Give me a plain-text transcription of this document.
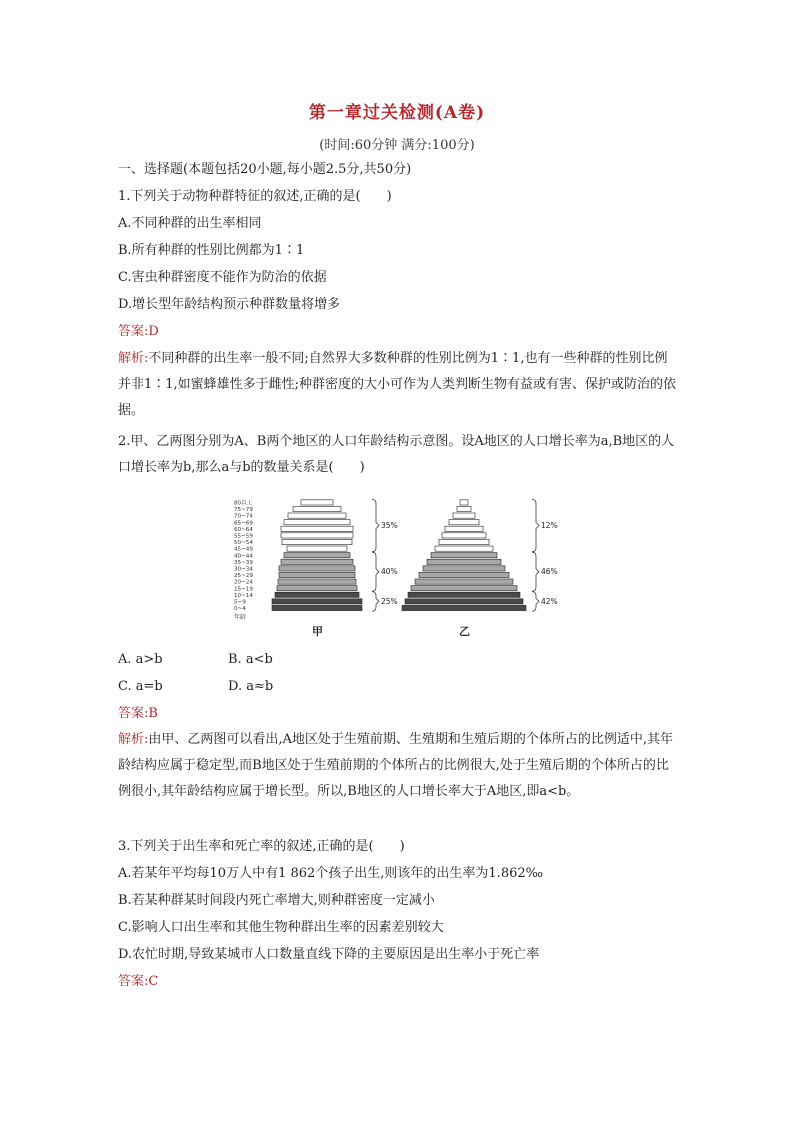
第一章过关检测(A卷)
(时间:60分钟 满分:100分)
一、选择题(本题包括20小题,每小题2.5分,共50分)
1.下列关于动物种群特征的叙述,正确的是(　　)
A.不同种群的出生率相同
B.所有种群的性别比例都为1∶1
C.害虫种群密度不能作为防治的依据
D.增长型年龄结构预示种群数量将增多
答案:D
解析:不同种群的出生率一般不同;自然界大多数种群的性别比例为1∶1,也有一些种群的性别比例并非1∶1,如蜜蜂雄性多于雌性;种群密度的大小可作为人类判断生物有益或有害、保护或防治的依据。
2.甲、乙两图分别为A、B两个地区的人口年龄结构示意图。设A地区的人口增长率为a,B地区的人口增长率为b,那么a与b的数量关系是(　　)
0~4
5~9
10~14
15~19
20~24
25~29
30~34
35~39
40~44
45~49
50~54
55~59
60~64
65~69
70~74
75~79
80以上
年龄
25%
40%
35%
甲
42%
46%
12%
乙
A. a>b	B. a<b
C. a=b	D. a≈b
答案:B
解析:由甲、乙两图可以看出,A地区处于生殖前期、生殖期和生殖后期的个体所占的比例适中,其年龄结构应属于稳定型,而B地区处于生殖前期的个体所占的比例很大,处于生殖后期的个体所占的比例很小,其年龄结构应属于增长型。所以,B地区的人口增长率大于A地区,即a<b。
3.下列关于出生率和死亡率的叙述,正确的是(　　)
A.若某年平均每10万人中有1 862个孩子出生,则该年的出生率为1.862‰
B.若某种群某时间段内死亡率增大,则种群密度一定减小
C.影响人口出生率和其他生物种群出生率的因素差别较大
D.农忙时期,导致某城市人口数量直线下降的主要原因是出生率小于死亡率
答案:C
